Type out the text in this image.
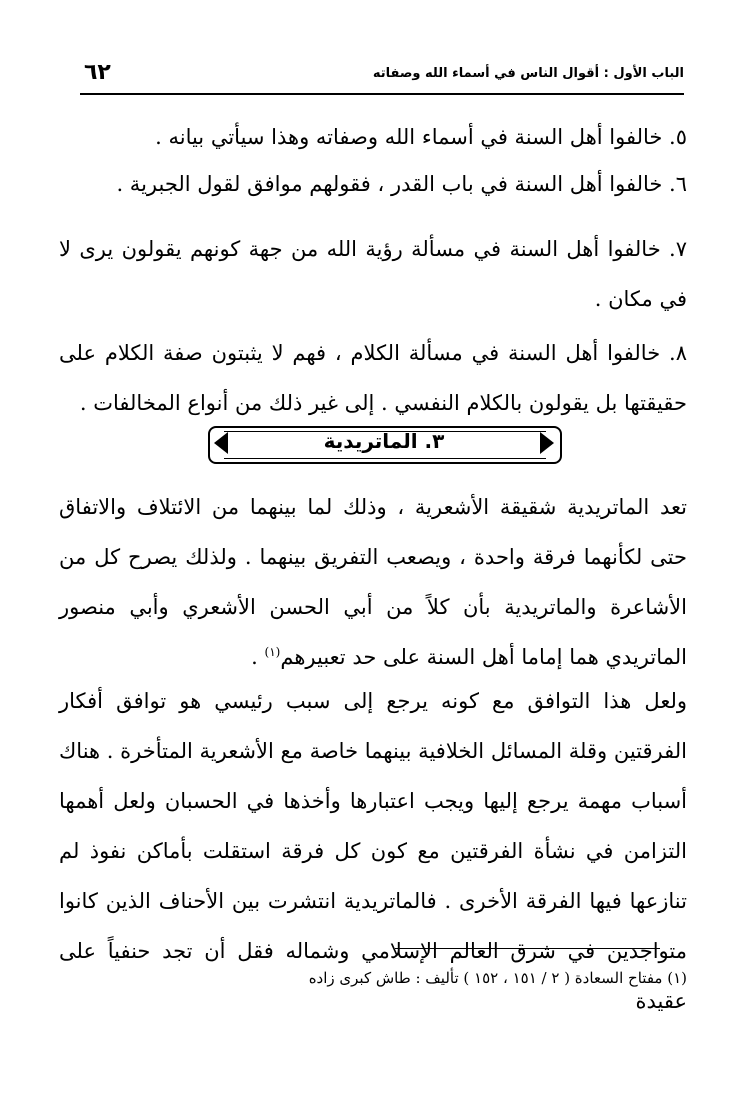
الباب الأول : أقوال الناس في أسماء الله وصفاته
٦٢
٥. خالفوا أهل السنة في أسماء الله وصفاته وهذا سيأتي بيانه .
٦. خالفوا أهل السنة في باب القدر ، فقولهم موافق لقول الجبرية .
٧. خالفوا أهل السنة في مسألة رؤية الله من جهة كونهم يقولون يرى لا في مكان .
٨. خالفوا أهل السنة في مسألة الكلام ، فهم لا يثبتون صفة الكلام على حقيقتها بل يقولون بالكلام النفسي . إلى غير ذلك من أنواع المخالفات .
٣. الماتريدية
تعد الماتريدية شقيقة الأشعرية ، وذلك لما بينهما من الائتلاف والاتفاق حتى لكأنهما فرقة واحدة ، ويصعب التفريق بينهما . ولذلك يصرح كل من الأشاعرة والماتريدية بأن كلاً من أبي الحسن الأشعري وأبي منصور الماتريدي هما إماما أهل السنة على حد تعبيرهم$^{(١)}$ .
ولعل هذا التوافق مع كونه يرجع إلى سبب رئيسي هو توافق أفكار الفرقتين وقلة المسائل الخلافية بينهما خاصة مع الأشعرية المتأخرة . هناك أسباب مهمة يرجع إليها ويجب اعتبارها وأخذها في الحسبان ولعل أهمها التزامن في نشأة الفرقتين مع كون كل فرقة استقلت بأماكن نفوذ لم تنازعها فيها الفرقة الأخرى . فالماتريدية انتشرت بين الأحناف الذين كانوا متواجدين في شرق العالم الإسلامي وشماله فقل أن تجد حنفياً على عقيدة
(١) مفتاح السعادة ( ٢ / ١٥١ ، ١٥٢ ) تأليف : طاش كبرى زاده
